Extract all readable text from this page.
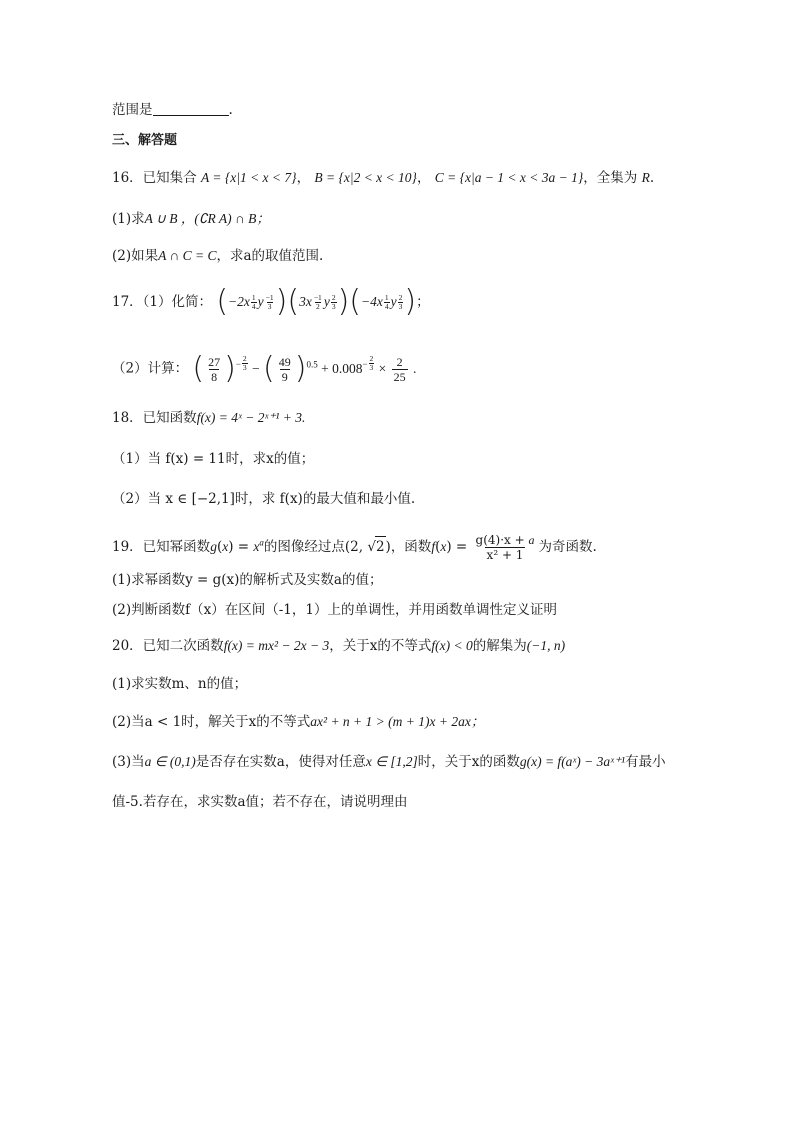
范围是	.
三、解答题
16．已知集合 A = {x|1 < x < 7}， B = {x|2 < x < 10}， C = {x|a − 1 < x < 3a − 1}，全集为 R.
(1)求A ∪ B ，(∁R A) ∩ B；
(2)如果A ∩ C = C，求a的取值范围.
17．（1）化简： ($-2x \frac{1}{4}$ y $\frac{-1}{3} )(3x \frac{-1}{2}$ y $\frac{2}{3} )(-4x \frac{1}{4}$ y $\frac{2}{3}$ )；
（2）计算： ( $\frac{27}{8} )^{- \frac{2}{3}}$ − ( $\frac{49}{9} )^{0.5} + 0.008^{- \frac{2}{3}} \times \frac{2}{25}$ .
18．已知函数f(x) = 4ˣ − 2ˣ⁺¹ + 3.
（1）当 f(x) = 11时，求x的值；
（2）当 x ∈ [−2,1]时，求 f(x)的最大值和最小值.
19．已知幂函数$g(x) = x^a$的图像经过点(2, √2)，函数$f(x) = \frac{g(4)\cdot x + a}{\text{x² + 1}}$ 为奇函数.
(1)求幂函数y = g(x)的解析式及实数a的值；
(2)判断函数f（x）在区间（-1，1）上的单调性，并用函数单调性定义证明
20．已知二次函数f(x) = mx² − 2x − 3，关于x的不等式f(x) < 0的解集为(−1, n)
(1)求实数m、n的值；
(2)当a < 1时，解关于x的不等式ax² + n + 1 > (m + 1)x + 2ax；
(3)当a ∈ (0,1)是否存在实数a，使得对任意x ∈ [1,2]时，关于x的函数g(x) = f(aˣ) − 3aˣ⁺¹有最小
值-5.若存在，求实数a值；若不存在，请说明理由
